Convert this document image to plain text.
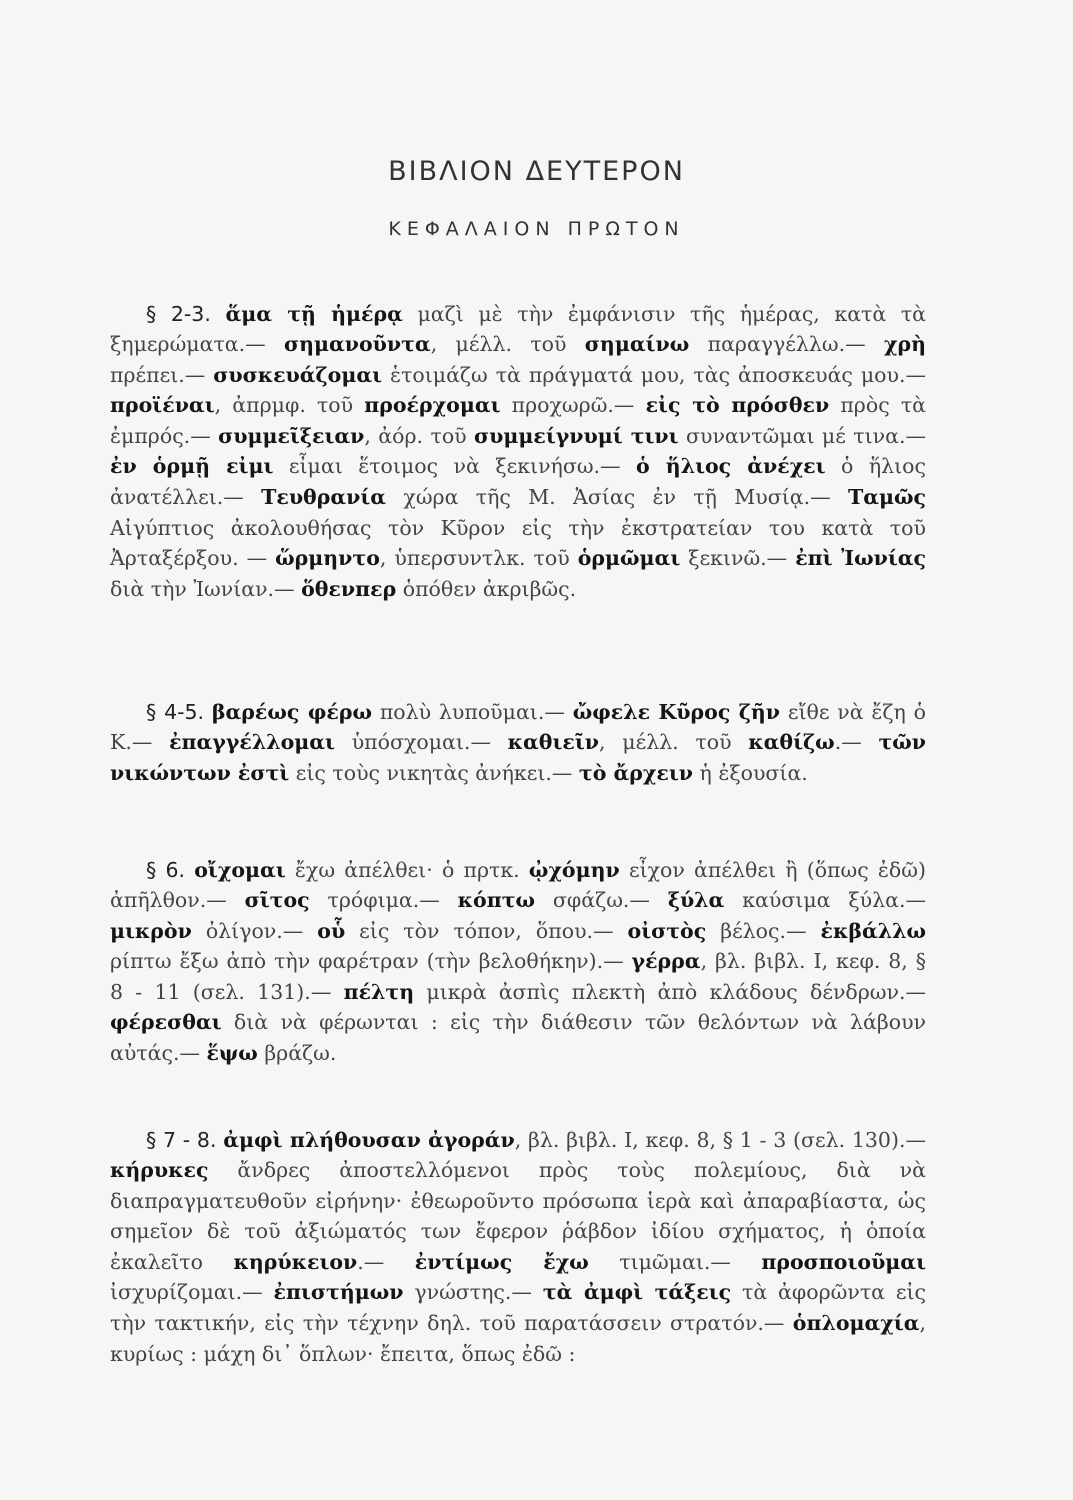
ΒΙΒΛΙΟΝ ΔΕΥΤΕΡΟΝ
ΚΕΦΑΛΑΙΟΝ ΠΡΩΤΟΝ

§ 2-3. ἅμα τῇ ἡμέρᾳ μαζὶ μὲ τὴν ἐμφάνισιν τῆς ἡμέρας, κατὰ τὰ ξημερώματα.— σημανοῦντα, μέλλ. τοῦ σημαίνω παραγγέλλω.— χρὴ πρέπει.— συσκευάζομαι ἑτοιμάζω τὰ πράγματά μου, τὰς ἀποσκευάς μου.— προϊέναι, ἀπρμφ. τοῦ προέρχομαι προχωρῶ.— εἰς τὸ πρόσθεν πρὸς τὰ ἐμπρός.— συμμεῖξειαν, ἀόρ. τοῦ συμμείγνυμί τινι συναντῶμαι μέ τινα.— ἐν ὁρμῇ εἰμι εἶμαι ἕτοιμος νὰ ξεκινήσω.— ὁ ἥλιος ἀνέχει ὁ ἥλιος ἀνατέλλει.— Τευθρανία χώρα τῆς Μ. Ἀσίας ἐν τῇ Μυσίᾳ.— Ταμῶς Αἰγύπτιος ἀκολουθήσας τὸν Κῦρον εἰς τὴν ἐκστρατείαν του κατὰ τοῦ Ἀρταξέρξου. — ὥρμηντο, ὑπερσυντλκ. τοῦ ὁρμῶμαι ξεκινῶ.— ἐπὶ Ἰωνίας διὰ τὴν Ἰωνίαν.— ὅθενπερ ὁπόθεν ἀκριβῶς.

§ 4-5. βαρέως φέρω πολὺ λυποῦμαι.— ὤφελε Κῦρος ζῆν εἴθε νὰ ἔζη ὁ Κ.— ἐπαγγέλλομαι ὑπόσχομαι.— καθιεῖν, μέλλ. τοῦ καθίζω.— τῶν νικώντων ἐστὶ εἰς τοὺς νικητὰς ἀνήκει.— τὸ ἄρχειν ἡ ἐξουσία.

§ 6. οἴχομαι ἔχω ἀπέλθει· ὁ πρτκ. ᾠχόμην εἶχον ἀπέλθει ἢ (ὅπως ἐδῶ) ἀπῆλθον.— σῖτος τρόφιμα.— κόπτω σφάζω.— ξύλα καύσιμα ξύλα.— μικρὸν ὀλίγον.— οὗ εἰς τὸν τόπον, ὅπου.— οἰστὸς βέλος.— ἐκβάλλω ρίπτω ἔξω ἀπὸ τὴν φαρέτραν (τὴν βελοθήκην).— γέρρα, βλ. βιβλ. Ι, κεφ. 8, § 8 - 11 (σελ. 131).— πέλτη μικρὰ ἀσπὶς πλεκτὴ ἀπὸ κλάδους δένδρων.— φέρεσθαι διὰ νὰ φέρωνται : εἰς τὴν διάθεσιν τῶν θελόντων νὰ λάβουν αὐτάς.— ἕψω βράζω.

§ 7 - 8. ἀμφὶ πλήθουσαν ἀγοράν, βλ. βιβλ. Ι, κεφ. 8, § 1 - 3 (σελ. 130).— κήρυκες ἄνδρες ἀποστελλόμενοι πρὸς τοὺς πολεμίους, διὰ νὰ διαπραγματευθοῦν εἰρήνην· ἐθεωροῦντο πρόσωπα ἱερὰ καὶ ἀπαραβίαστα, ὡς σημεῖον δὲ τοῦ ἀξιώματός των ἔφερον ῥάβδον ἰδίου σχήματος, ἡ ὁποία ἐκαλεῖτο κηρύκειον.— ἐντίμως ἔχω τιμῶμαι.— προσποιοῦμαι ἰσχυρίζομαι.— ἐπιστήμων γνώστης.— τὰ ἀμφὶ τάξεις τὰ ἀφορῶντα εἰς τὴν τακτικήν, εἰς τὴν τέχνην δηλ. τοῦ παρατάσσειν στρατόν.— ὁπλομαχία, κυρίως : μάχη δι᾽ ὅπλων· ἔπειτα, ὅπως ἐδῶ :
